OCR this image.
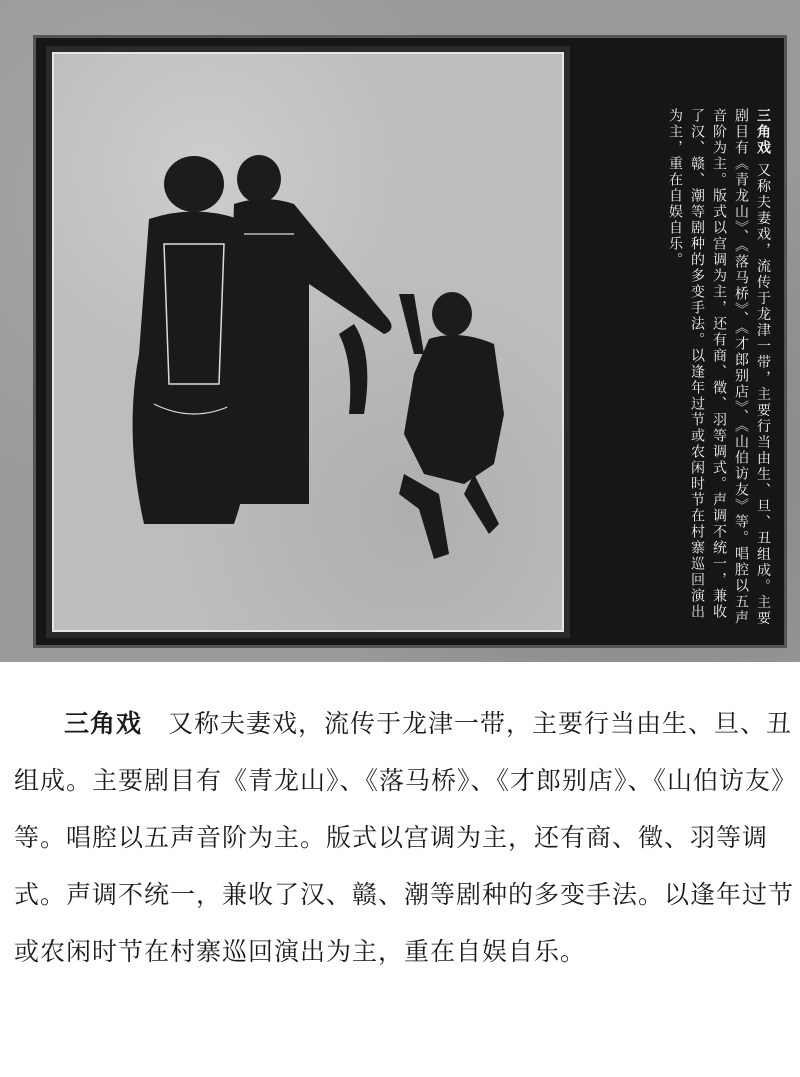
三角戏 又称夫妻戏，流传于龙津一带，主要行当由生、旦、丑组成。主要剧目有《青龙山》、《落马桥》、《才郎别店》、《山伯访友》等。唱腔以五声音阶为主。版式以宫调为主，还有商、徵、羽等调式。声调不统一，兼收了汉、赣、潮等剧种的多变手法。以逢年过节或农闲时节在村寨巡回演出为主，重在自娱自乐。
三角戏 又称夫妻戏，流传于龙津一带，主要行当由生、旦、丑组成。主要剧目有《青龙山》、《落马桥》、《才郎别店》、《山伯访友》等。唱腔以五声音阶为主。版式以宫调为主，还有商、徵、羽等调式。声调不统一，兼收了汉、赣、潮等剧种的多变手法。以逢年过节或农闲时节在村寨巡回演出为主，重在自娱自乐。
